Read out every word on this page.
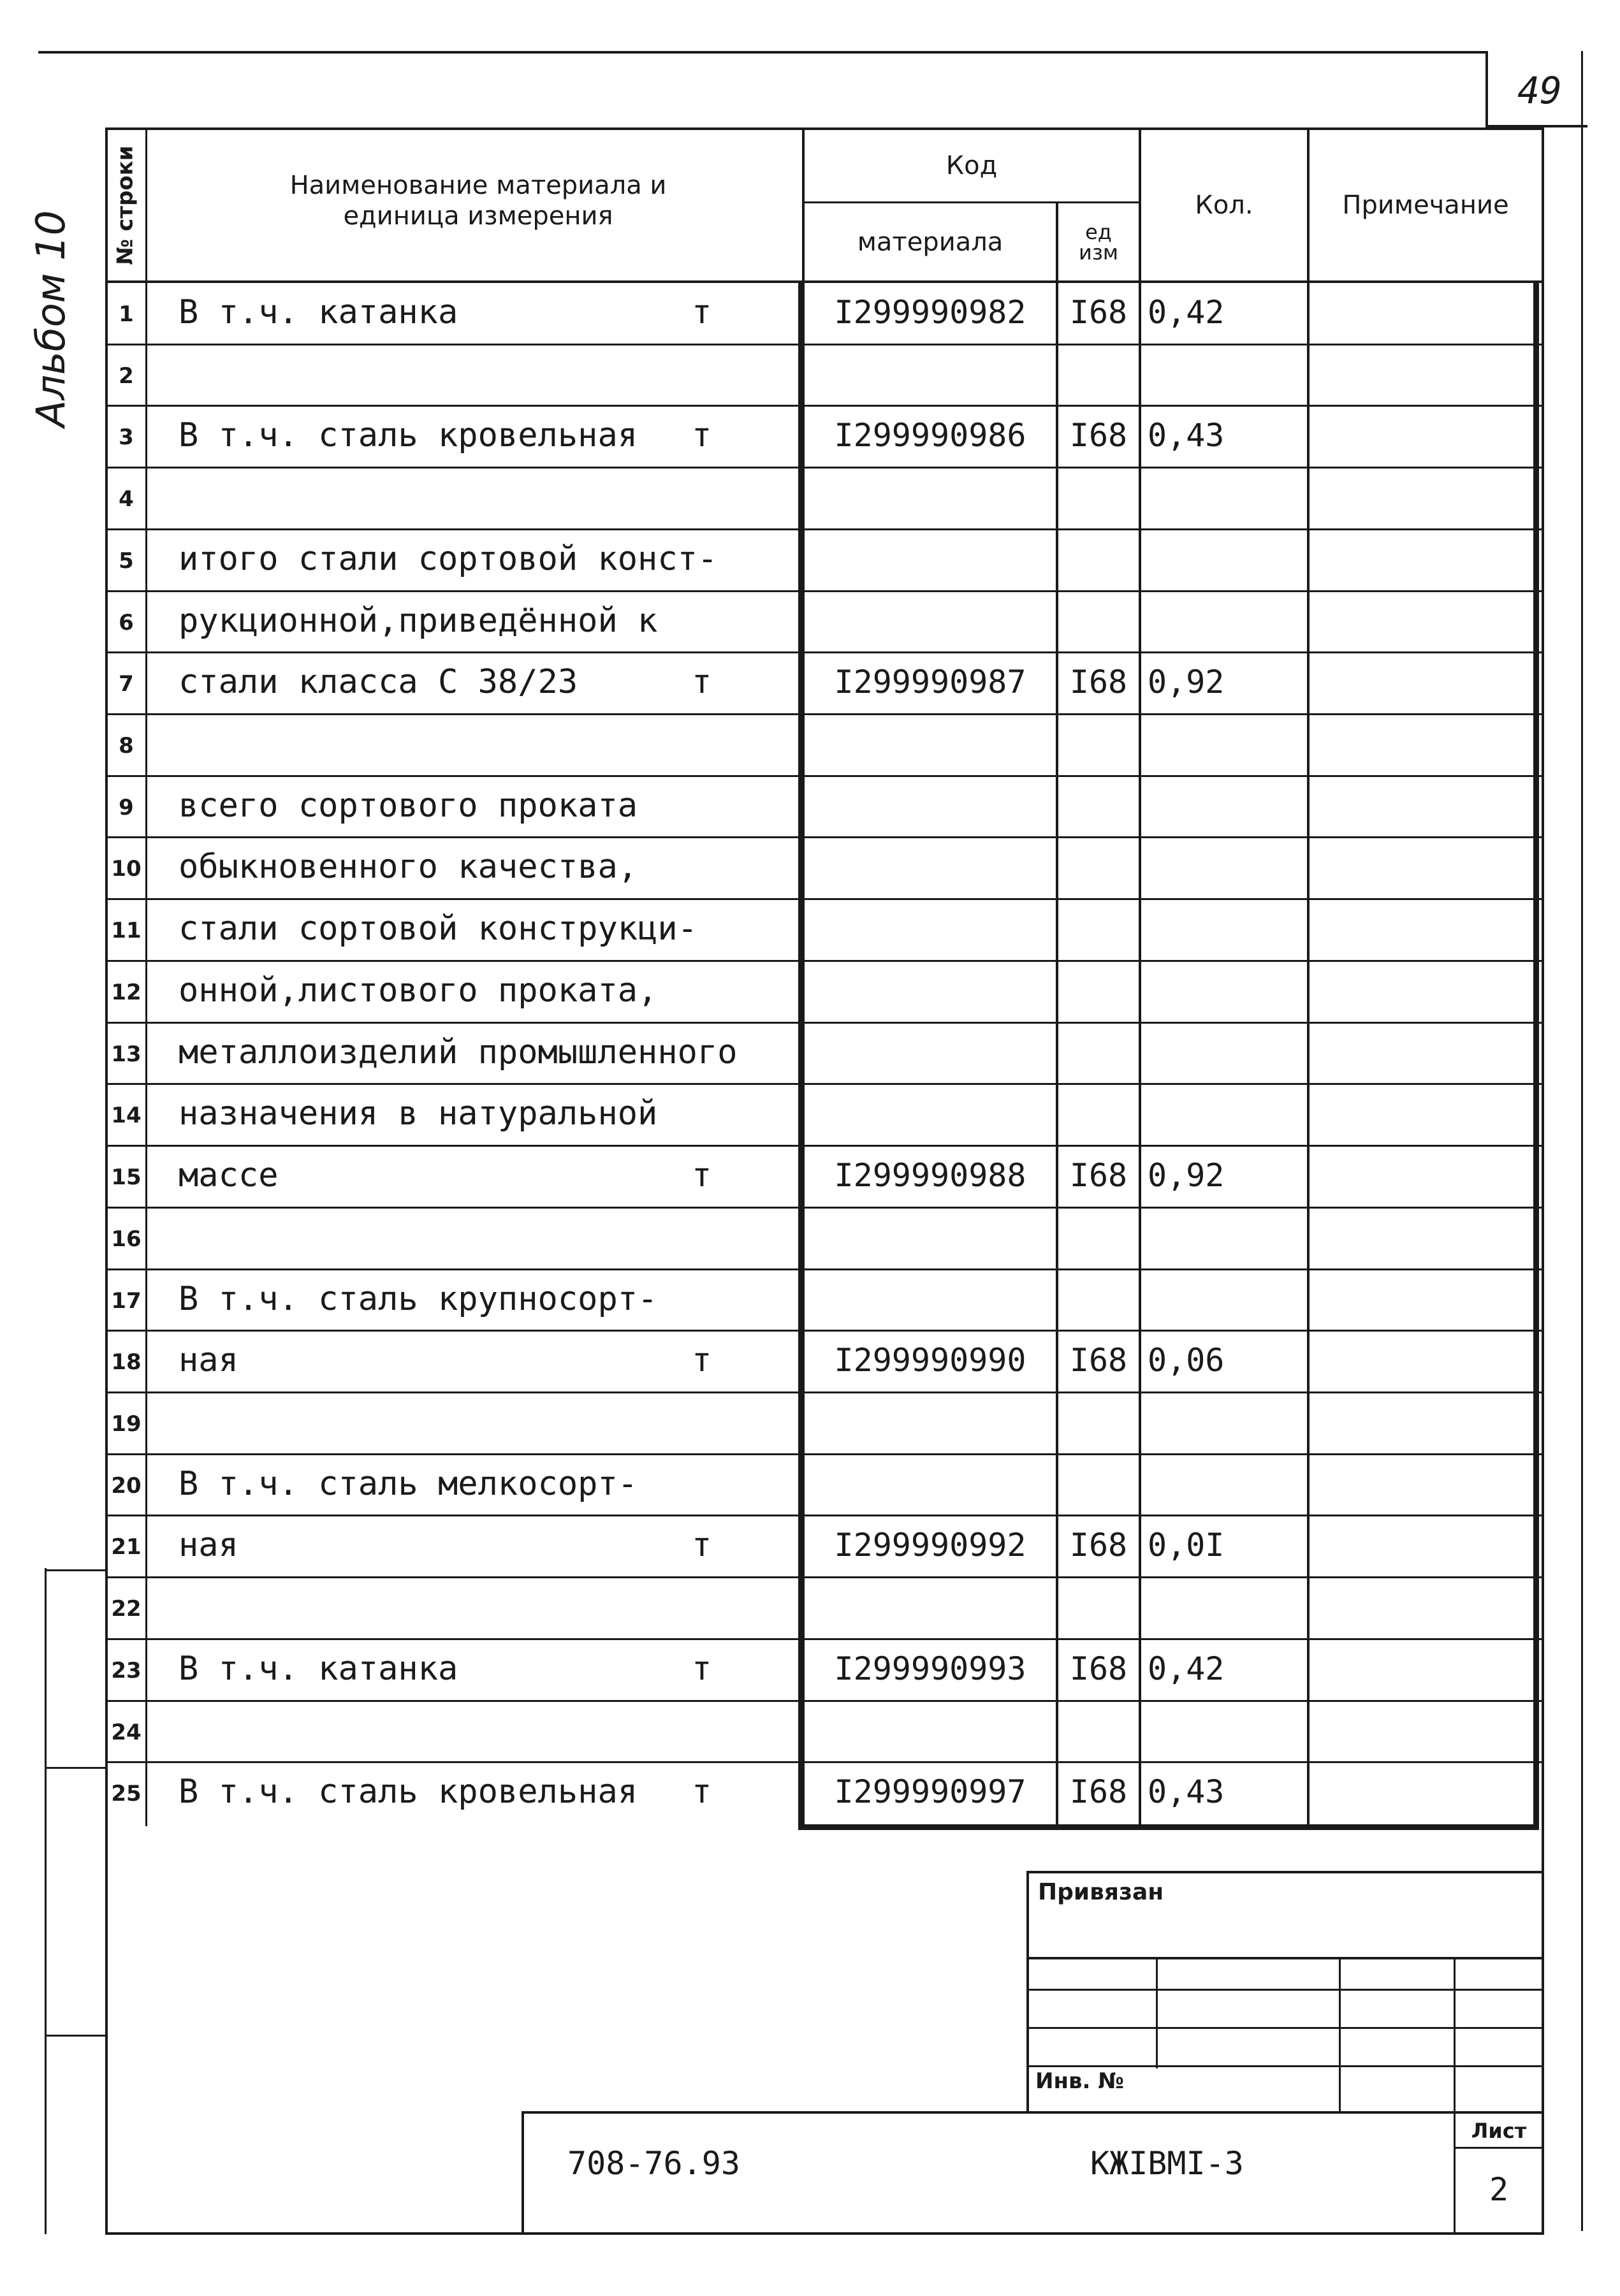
49
Альбом 10
№ строки	Наименование материала и единица измерения
Код
материала	ед изм
Кол.	Примечание
1	В т.ч. катанка	т	I299990982	I68 0,42
2
3	В т.ч. сталь кровельная т	I299990986	I68 0,43
4
5	итого стали сортовой конст-
6	рукционной,приведённой к
7	стали класса С 38/23	т	I299990987	I68 0,92
8
9	всего сортового проката
10 обыкновенного качества,
11 стали сортовой конструкци-
12 онной,листового проката,
13 металлоизделий промышленного
14 назначения в натуральной
15 массе	т	I299990988	I68 0,92
16
17 В т.ч. сталь крупносорт-
18 ная	т	I299990990	I68 0,06
19
20 В т.ч. сталь мелкосорт-
21 ная	т	I299990992	I68 0,0I
22
23 В т.ч. катанка	т	I299990993	I68 0,42
24
25 В т.ч. сталь кровельная т	I299990997	I68 0,43
Привязан
Инв. №
708-76.93	КЖIВМI-3
Лист
2
